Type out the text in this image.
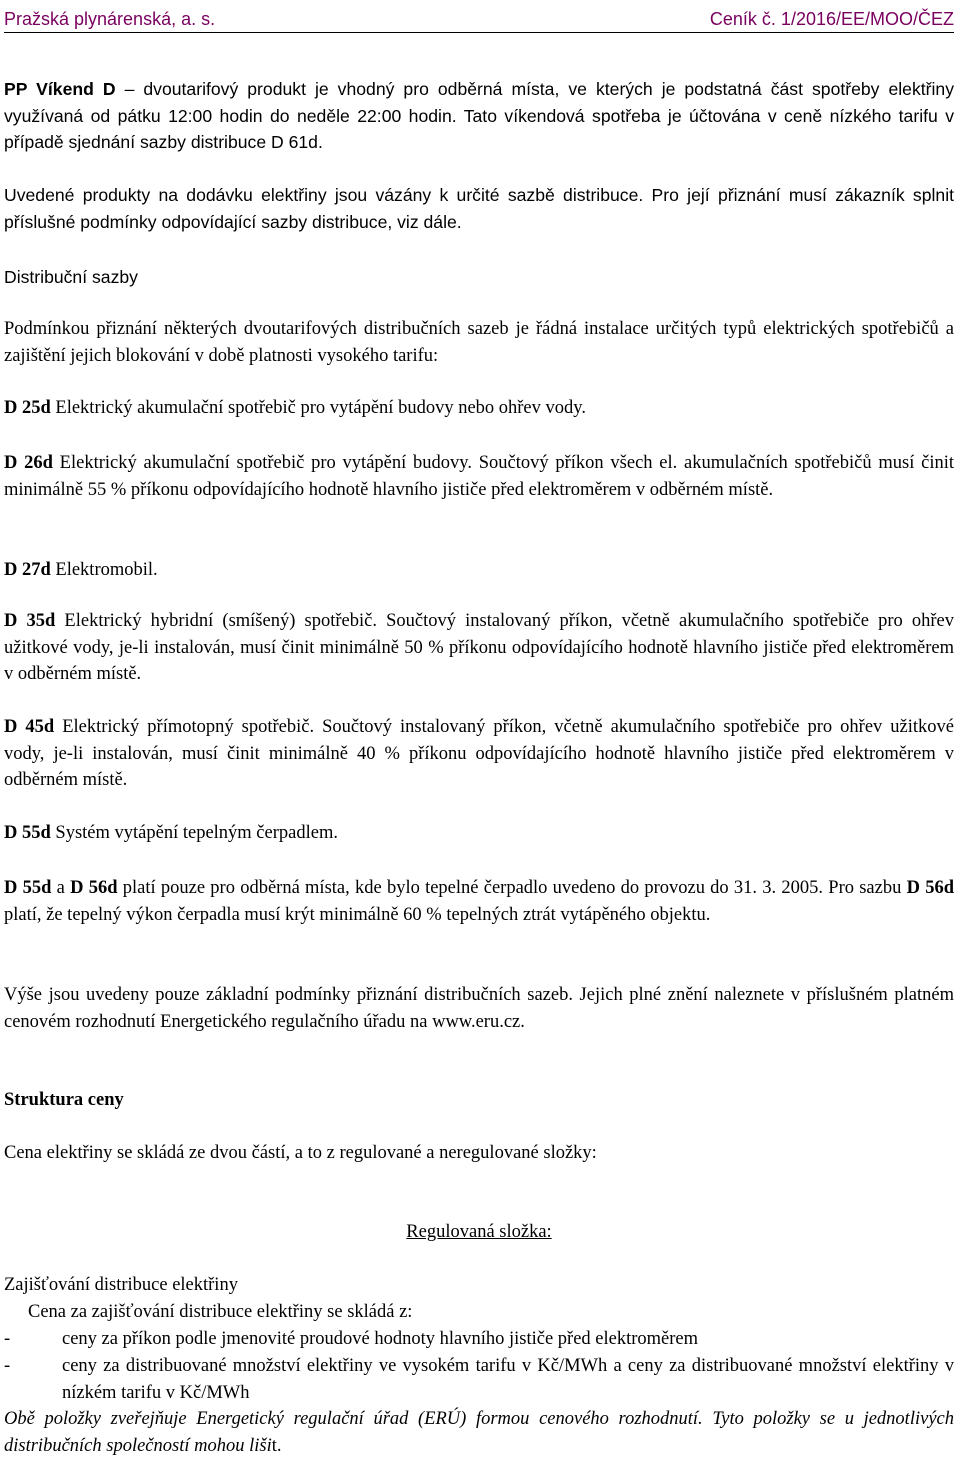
Pražská plynárenská, a. s.	Ceník č. 1/2016/EE/MOO/ČEZ

PP Víkend D – dvoutarifový produkt je vhodný pro odběrná místa, ve kterých je podstatná část spotřeby elektřiny využívaná od pátku 12:00 hodin do neděle 22:00 hodin. Tato víkendová spotřeba je účtována v ceně nízkého tarifu v případě sjednání sazby distribuce D 61d.

Uvedené produkty na dodávku elektřiny jsou vázány k určité sazbě distribuce. Pro její přiznání musí zákazník splnit příslušné podmínky odpovídající sazby distribuce, viz dále.

Distribuční sazby

Podmínkou přiznání některých dvoutarifových distribučních sazeb je řádná instalace určitých typů elektrických spotřebičů a zajištění jejich blokování v době platnosti vysokého tarifu:

D 25d Elektrický akumulační spotřebič pro vytápění budovy nebo ohřev vody.

D 26d Elektrický akumulační spotřebič pro vytápění budovy. Součtový příkon všech el. akumulačních spotřebičů musí činit minimálně 55 % příkonu odpovídajícího hodnotě hlavního jističe před elektroměrem v odběrném místě.

D 27d Elektromobil.

D 35d Elektrický hybridní (smíšený) spotřebič. Součtový instalovaný příkon, včetně akumulačního spotřebiče pro ohřev užitkové vody, je-li instalován, musí činit minimálně 50 % příkonu odpovídajícího hodnotě hlavního jističe před elektroměrem v odběrném místě.

D 45d Elektrický přímotopný spotřebič. Součtový instalovaný příkon, včetně akumulačního spotřebiče pro ohřev užitkové vody, je-li instalován, musí činit minimálně 40 % příkonu odpovídajícího hodnotě hlavního jističe před elektroměrem v odběrném místě.

D 55d Systém vytápění tepelným čerpadlem.

D 55d a D 56d platí pouze pro odběrná místa, kde bylo tepelné čerpadlo uvedeno do provozu do 31. 3. 2005. Pro sazbu D 56d platí, že tepelný výkon čerpadla musí krýt minimálně 60 % tepelných ztrát vytápěného objektu.

Výše jsou uvedeny pouze základní podmínky přiznání distribučních sazeb. Jejich plné znění naleznete v příslušném platném cenovém rozhodnutí Energetického regulačního úřadu na www.eru.cz.

Struktura ceny

Cena elektřiny se skládá ze dvou částí, a to z regulované a neregulované složky:

Regulovaná složka:

Zajišťování distribuce elektřiny

Cena za zajišťování distribuce elektřiny se skládá z:

-	ceny za příkon podle jmenovité proudové hodnoty hlavního jističe před elektroměrem

-	ceny za distribuované množství elektřiny ve vysokém tarifu v Kč/MWh a ceny za distribuované množství elektřiny v nízkém tarifu v Kč/MWh

Obě položky zveřejňuje Energetický regulační úřad (ERÚ) formou cenového rozhodnutí. Tyto položky se u jednotlivých distribučních společností mohou lišit.
